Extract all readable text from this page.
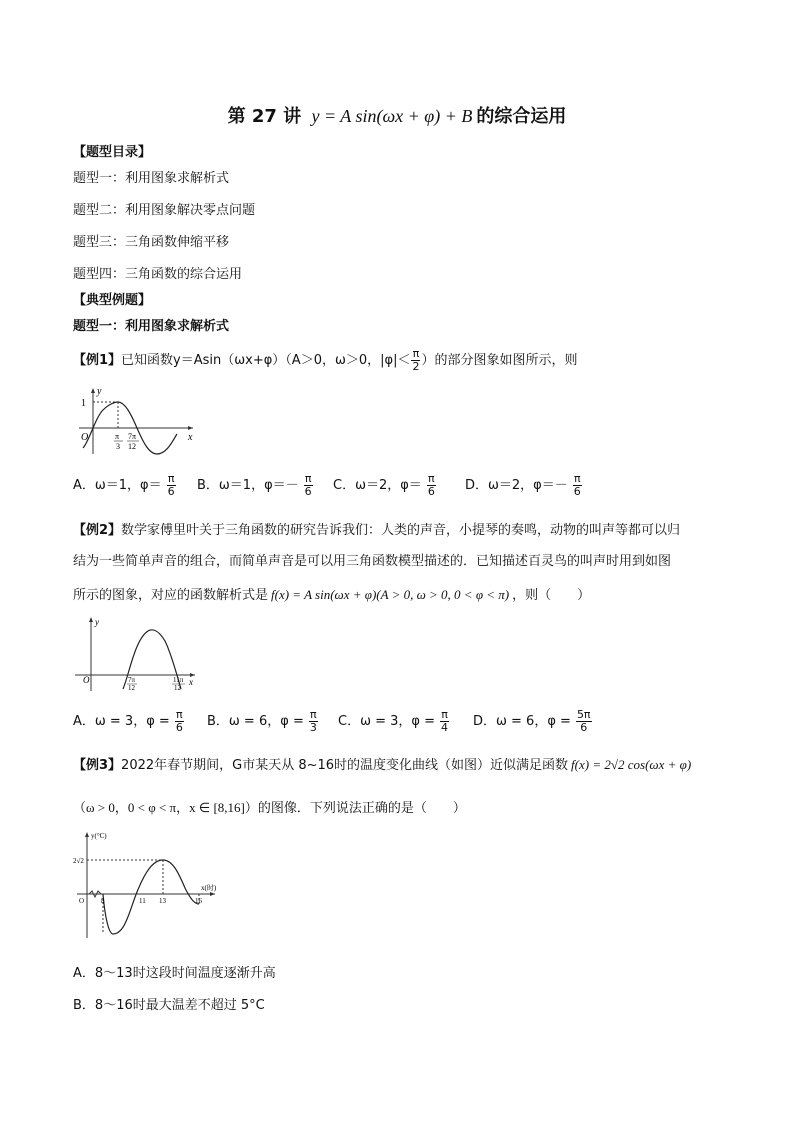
第 27 讲 y = A sin(ωx + φ) + B 的综合运用
【题型目录】
题型一：利用图象求解析式
题型二：利用图象解决零点问题
题型三：三角函数伸缩平移
题型四：三角函数的综合运用
【典型例题】
题型一：利用图象求解析式
【例1】已知函数y＝Asin（ωx+φ）（A＞0，ω＞0，$|\varphi|< \frac{\pi}{2}$ ）的部分图象如图所示，则
y
1
O	x
π
3
7π
12
A．ω＝1，$\varphi= \frac{\pi}{6}$ B．ω＝1，$\varphi=- \frac{\pi}{6}$ C．ω＝2，$\varphi= \frac{\pi}{6}$ D．ω＝2，$\varphi=- \frac{\pi}{6}$
【例2】数学家傅里叶关于三角函数的研究告诉我们：人类的声音，小提琴的奏鸣，动物的叫声等都可以归
结为一些简单声音的组合，而简单声音是可以用三角函数模型描述的．已知描述百灵鸟的叫声时用到如图
所示的图象，对应的函数解析式是 f(x) = A sin(ωx + φ)(A > 0, ω > 0, 0 < φ < π) ，则（　　）
y
O	x
7π
12
11π
12
A．ω = 3，$\varphi = \frac{\pi}{6}$ B．ω = 6，$\varphi = \frac{\pi}{3}$ C．ω = 3，$\varphi = \frac{\pi}{4}$ D．ω = 6，$\varphi = \frac{5\pi}{6}$
【例3】2022年春节期间，G市某天从 8~16时的温度变化曲线（如图）近似满足函数 f(x) = 2√2 cos(ωx + φ)
（ω > 0，0 < φ < π，x ∈ [8,16]）的图像．下列说法正确的是（　　）
y(°C)
x(时)
2√2
O 8	11 13	16
A．8～13时这段时间温度逐渐升高
B．8～16时最大温差不超过 5°C
